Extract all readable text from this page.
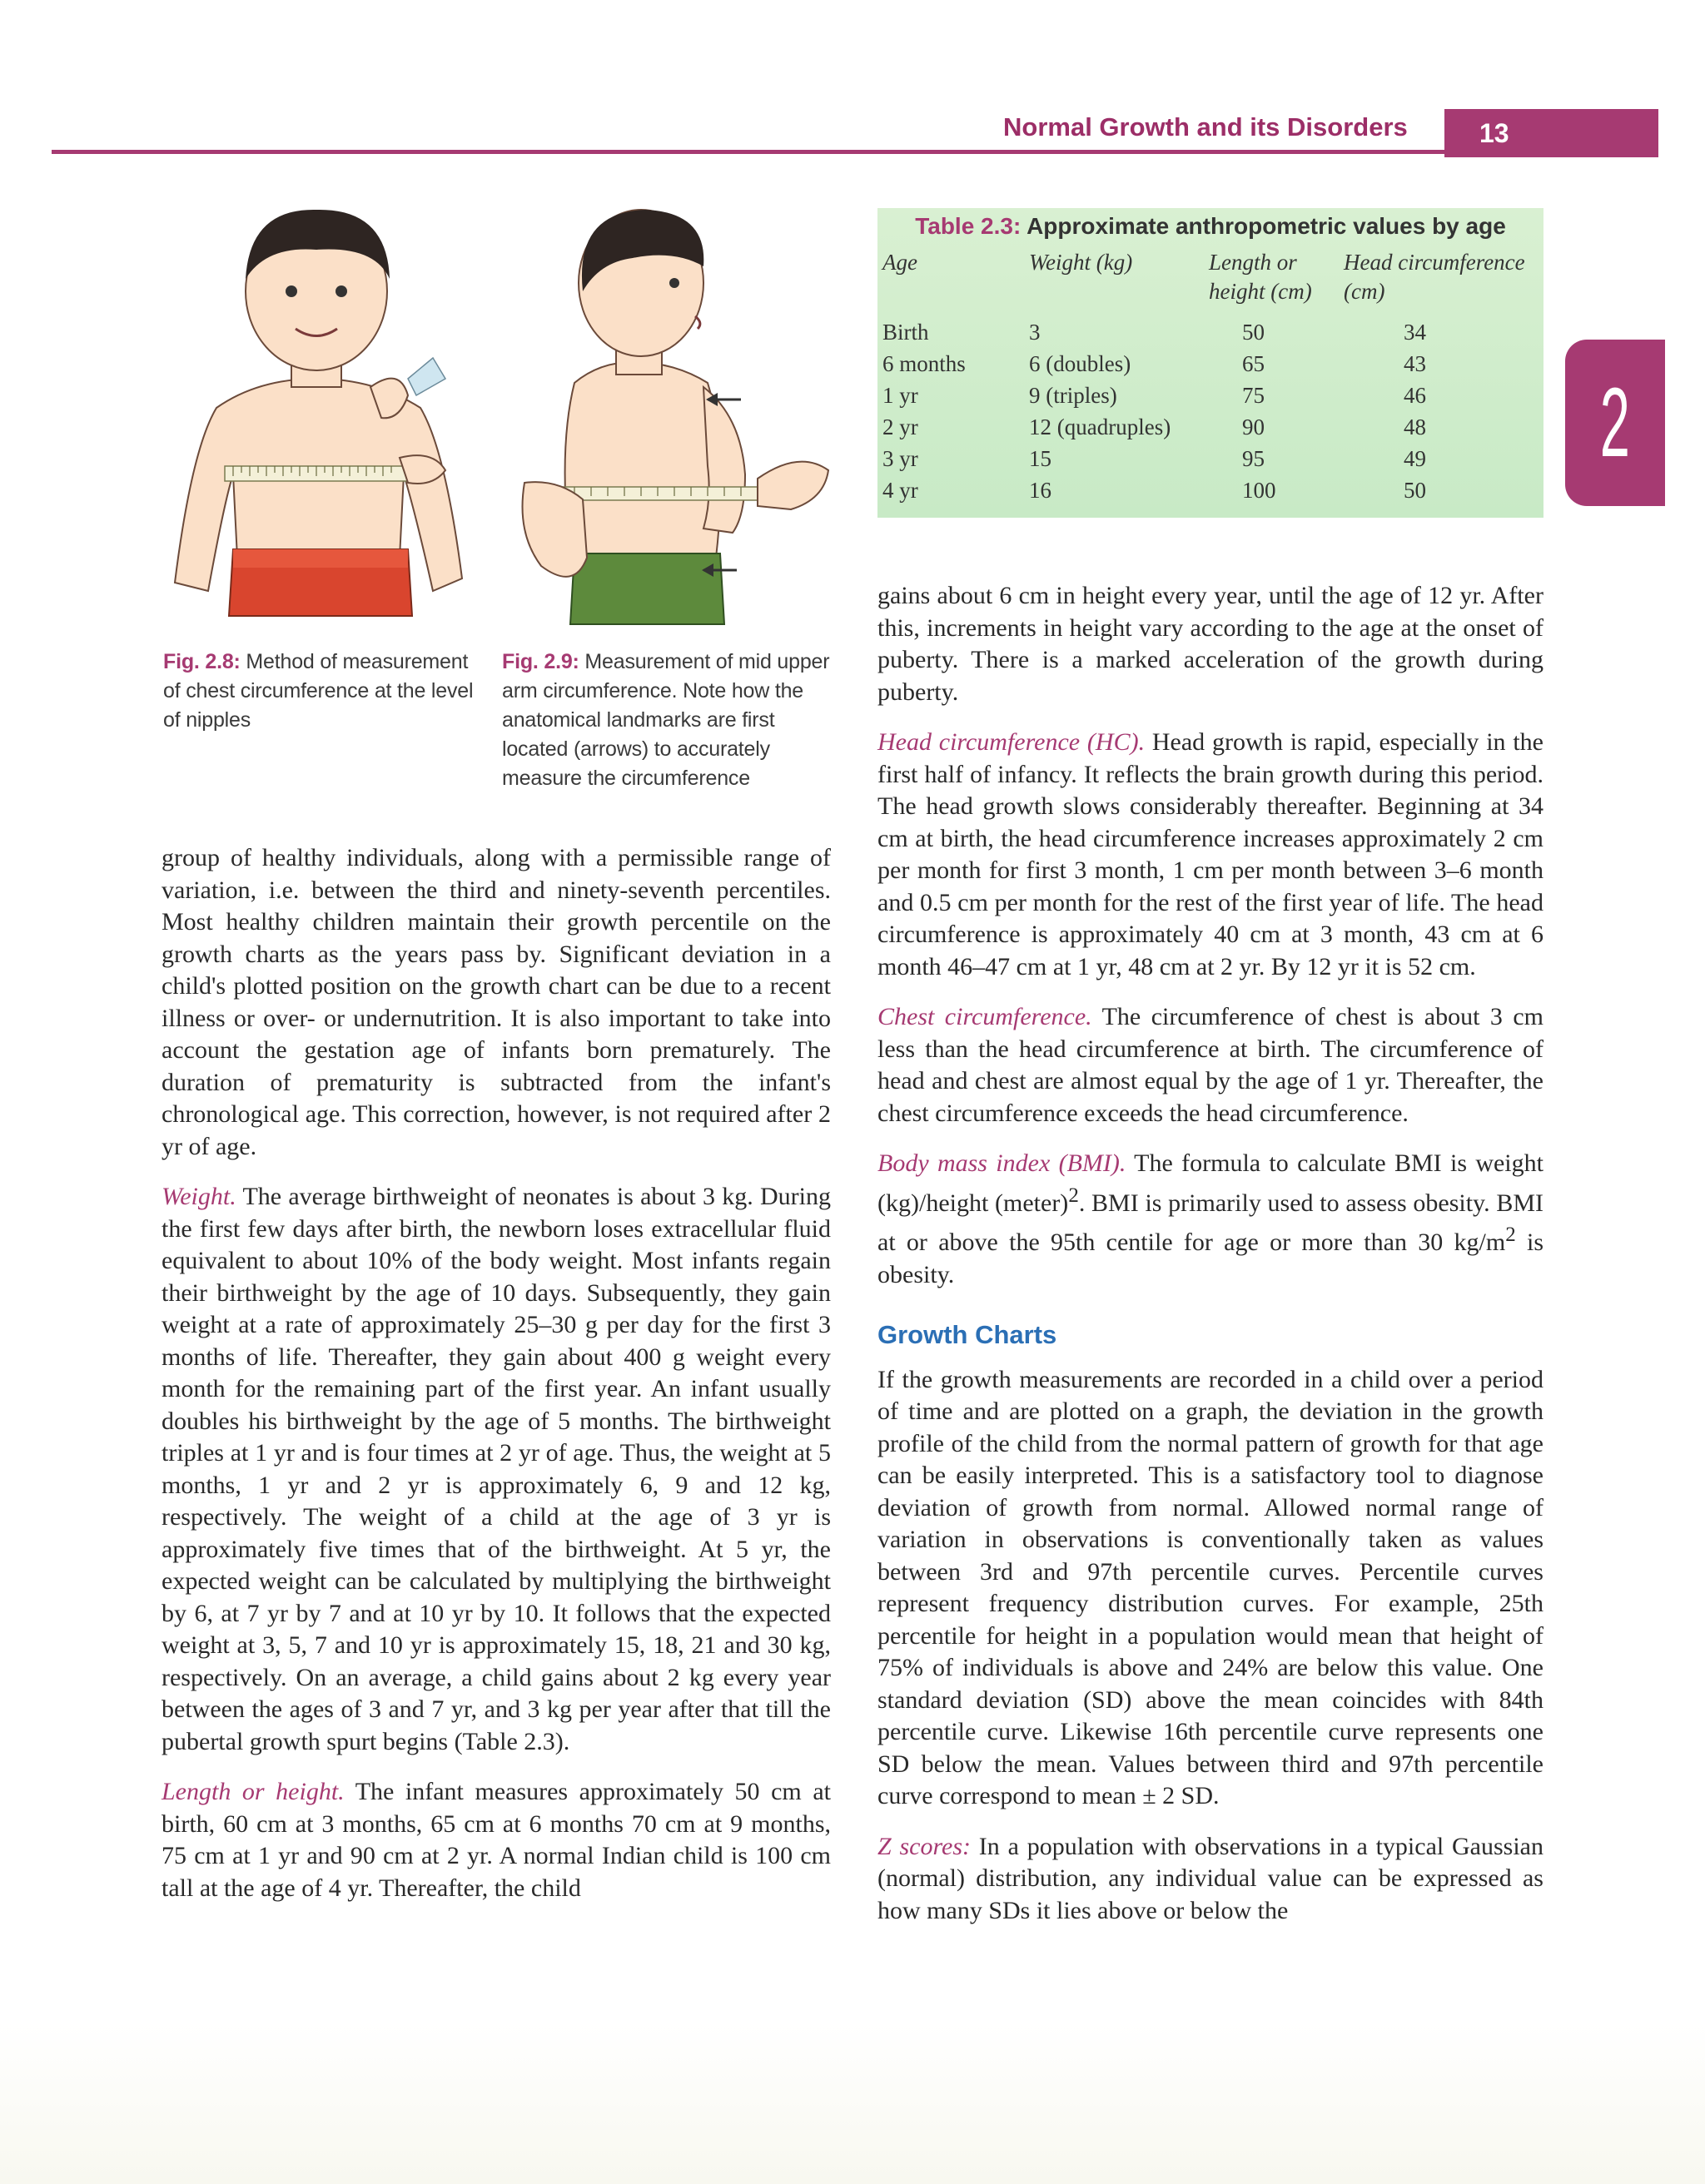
Normal Growth and its Disorders	13
2
Fig. 2.8: Method of measurement of chest circumference at the level of nipples
Fig. 2.9: Measurement of mid upper arm circumference. Note how the anatomical landmarks are first located (arrows) to accurately measure the circumference
Table 2.3: Approximate anthropometric values by age
Age	Weight (kg)	Length or height (cm)	Head circumference (cm)
Birth	3	50	34
6 months	6 (doubles)	65	43
1 yr	9 (triples)	75	46
2 yr	12 (quadruples)	90	48
3 yr	15	95	49
4 yr	16	100	50

group of healthy individuals, along with a permissible range of variation, i.e. between the third and ninety-seventh percentiles. Most healthy children maintain their growth percentile on the growth charts as the years pass by. Significant deviation in a child's plotted position on the growth chart can be due to a recent illness or over- or undernutrition. It is also important to take into account the gestation age of infants born prematurely. The duration of prematurity is subtracted from the infant's chronological age. This correction, however, is not required after 2 yr of age.

Weight. The average birthweight of neonates is about 3 kg. During the first few days after birth, the newborn loses extracellular fluid equivalent to about 10% of the body weight. Most infants regain their birthweight by the age of 10 days. Subsequently, they gain weight at a rate of approximately 25–30 g per day for the first 3 months of life. Thereafter, they gain about 400 g weight every month for the remaining part of the first year. An infant usually doubles his birthweight by the age of 5 months. The birthweight triples at 1 yr and is four times at 2 yr of age. Thus, the weight at 5 months, 1 yr and 2 yr is approximately 6, 9 and 12 kg, respectively. The weight of a child at the age of 3 yr is approximately five times that of the birthweight. At 5 yr, the expected weight can be calculated by multiplying the birthweight by 6, at 7 yr by 7 and at 10 yr by 10. It follows that the expected weight at 3, 5, 7 and 10 yr is approximately 15, 18, 21 and 30 kg, respectively. On an average, a child gains about 2 kg every year between the ages of 3 and 7 yr, and 3 kg per year after that till the pubertal growth spurt begins (Table 2.3).

Length or height. The infant measures approximately 50 cm at birth, 60 cm at 3 months, 65 cm at 6 months 70 cm at 9 months, 75 cm at 1 yr and 90 cm at 2 yr. A normal Indian child is 100 cm tall at the age of 4 yr. Thereafter, the child

gains about 6 cm in height every year, until the age of 12 yr. After this, increments in height vary according to the age at the onset of puberty. There is a marked acceleration of the growth during puberty.

Head circumference (HC). Head growth is rapid, especially in the first half of infancy. It reflects the brain growth during this period. The head growth slows considerably thereafter. Beginning at 34 cm at birth, the head circumference increases approximately 2 cm per month for first 3 month, 1 cm per month between 3–6 month and 0.5 cm per month for the rest of the first year of life. The head circumference is approximately 40 cm at 3 month, 43 cm at 6 month 46–47 cm at 1 yr, 48 cm at 2 yr. By 12 yr it is 52 cm.

Chest circumference. The circumference of chest is about 3 cm less than the head circumference at birth. The circumference of head and chest are almost equal by the age of 1 yr. Thereafter, the chest circumference exceeds the head circumference.

Body mass index (BMI). The formula to calculate BMI is weight (kg)/height (meter)$^2$. BMI is primarily used to assess obesity. BMI at or above the 95th centile for age or more than 30 $kg/m^2$ is obesity.

Growth Charts

If the growth measurements are recorded in a child over a period of time and are plotted on a graph, the deviation in the growth profile of the child from the normal pattern of growth for that age can be easily interpreted. This is a satisfactory tool to diagnose deviation of growth from normal. Allowed normal range of variation in observations is conventionally taken as values between 3rd and 97th percentile curves. Percentile curves represent frequency distribution curves. For example, 25th percentile for height in a population would mean that height of 75% of individuals is above and 24% are below this value. One standard deviation (SD) above the mean coincides with 84th percentile curve. Likewise 16th percentile curve represents one SD below the mean. Values between third and 97th percentile curve correspond to mean ± 2 SD.

Z scores: In a population with observations in a typical Gaussian (normal) distribution, any individual value can be expressed as how many SDs it lies above or below the
